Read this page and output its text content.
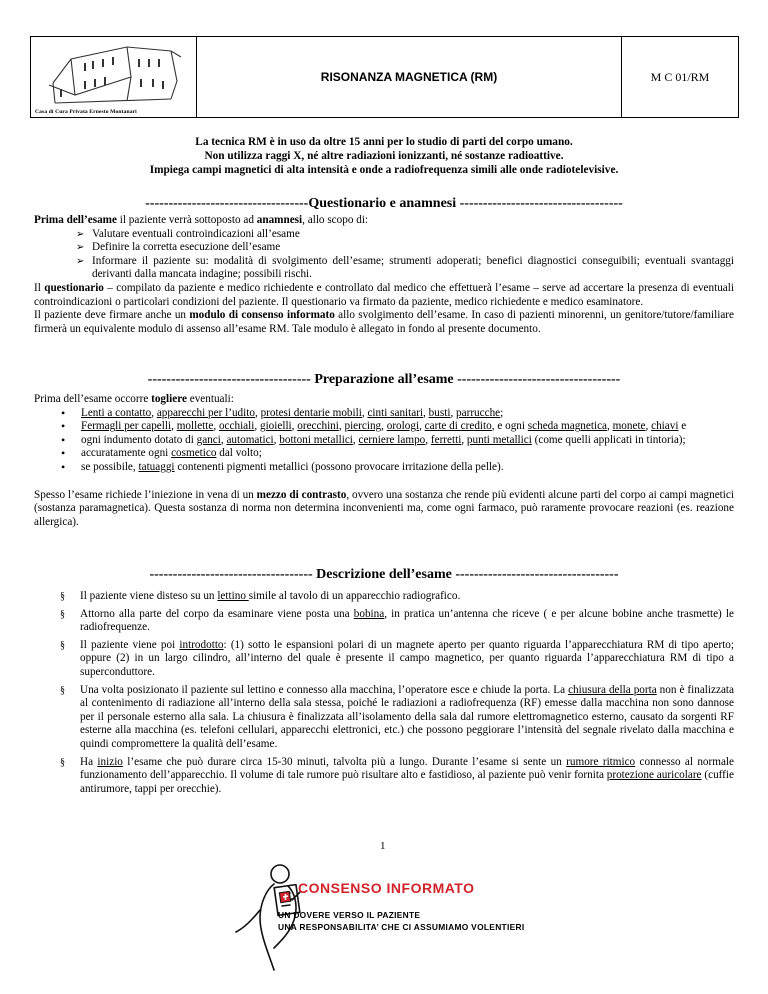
Casa di Cura Privata Ernesto Montanari
RISONANZA MAGNETICA (RM)	M C 01/RM
La tecnica RM è in uso da oltre 15 anni per lo studio di parti del corpo umano.
Non utilizza raggi X, né altre radiazioni ionizzanti, né sostanze radioattive.
Impiega campi magnetici di alta intensità e onde a radiofrequenza simili alle onde radiotelevisive.
-----------------------------------Questionario e anamnesi -----------------------------------

Prima dell’esame il paziente verrà sottoposto ad anamnesi, allo scopo di:

➢ Valutare eventuali controindicazioni all’esame
➢ Definire la corretta esecuzione dell’esame
➢ Informare il paziente su: modalità di svolgimento dell’esame; strumenti adoperati; benefici diagnostici conseguibili; eventuali svantaggi derivanti dalla mancata indagine; possibili rischi.

Il questionario – compilato da paziente e medico richiedente e controllato dal medico che effettuerà l’esame – serve ad accertare la presenza di eventuali controindicazioni o particolari condizioni del paziente. Il questionario va firmato da paziente, medico richiedente e medico esaminatore.

Il paziente deve firmare anche un modulo di consenso informato allo svolgimento dell’esame. In caso di pazienti minorenni, un genitore/tutore/familiare firmerà un equivalente modulo di assenso all’esame RM. Tale modulo è allegato in fondo al presente documento.

----------------------------------- Preparazione all’esame -----------------------------------

Prima dell’esame occorre togliere eventuali:

• Lenti a contatto, apparecchi per l’udito, protesi dentarie mobili, cinti sanitari, busti, parrucche;
• Fermagli per capelli, mollette, occhiali, gioielli, orecchini, piercing, orologi, carte di credito, e ogni scheda magnetica, monete, chiavi e
• ogni indumento dotato di ganci, automatici, bottoni metallici, cerniere lampo, ferretti, punti metallici (come quelli applicati in tintoria);
• accuratamente ogni cosmetico dal volto;
• se possibile, tatuaggi contenenti pigmenti metallici (possono provocare irritazione della pelle).

Spesso l’esame richiede l’iniezione in vena di un mezzo di contrasto, ovvero una sostanza che rende più evidenti alcune parti del corpo ai campi magnetici (sostanza paramagnetica). Questa sostanza di norma non determina inconvenienti ma, come ogni farmaco, può raramente provocare reazioni (es. reazione allergica).

----------------------------------- Descrizione dell’esame -----------------------------------
§ Il paziente viene disteso su un lettino simile al tavolo di un apparecchio radiografico.
§ Attorno alla parte del corpo da esaminare viene posta una bobina, in pratica un’antenna che riceve ( e per alcune bobine anche trasmette) le radiofrequenze.
§ Il paziente viene poi introdotto: (1) sotto le espansioni polari di un magnete aperto per quanto riguarda l’apparecchiatura RM di tipo aperto; oppure (2) in un largo cilindro, all’interno del quale è presente il campo magnetico, per quanto riguarda l’apparecchiatura RM di tipo a superconduttore.
§ Una volta posizionato il paziente sul lettino e connesso alla macchina, l’operatore esce e chiude la porta. La chiusura della porta non è finalizzata al contenimento di radiazione all’interno della sala stessa, poiché le radiazioni a radiofrequenza (RF) emesse dalla macchina non sono dannose per il personale esterno alla sala. La chiusura è finalizzata all’isolamento della sala dal rumore elettromagnetico esterno, causato da sorgenti RF esterne alla macchina (es. telefoni cellulari, apparecchi elettronici, etc.) che possono peggiorare l’intensità del segnale rivelato dalla macchina e quindi compromettere la qualità dell’esame.
§ Ha inizio l’esame che può durare circa 15-30 minuti, talvolta più a lungo. Durante l’esame si sente un rumore ritmico connesso al normale funzionamento dell’apparecchio. Il volume di tale rumore può risultare alto e fastidioso, al paziente può venir fornita protezione auricolare (cuffie antirumore, tappi per orecchie).
1
CONSENSO INFORMATO
UN DOVERE VERSO IL PAZIENTE
UNA RESPONSABILITA’ CHE CI ASSUMIAMO VOLENTIERI
